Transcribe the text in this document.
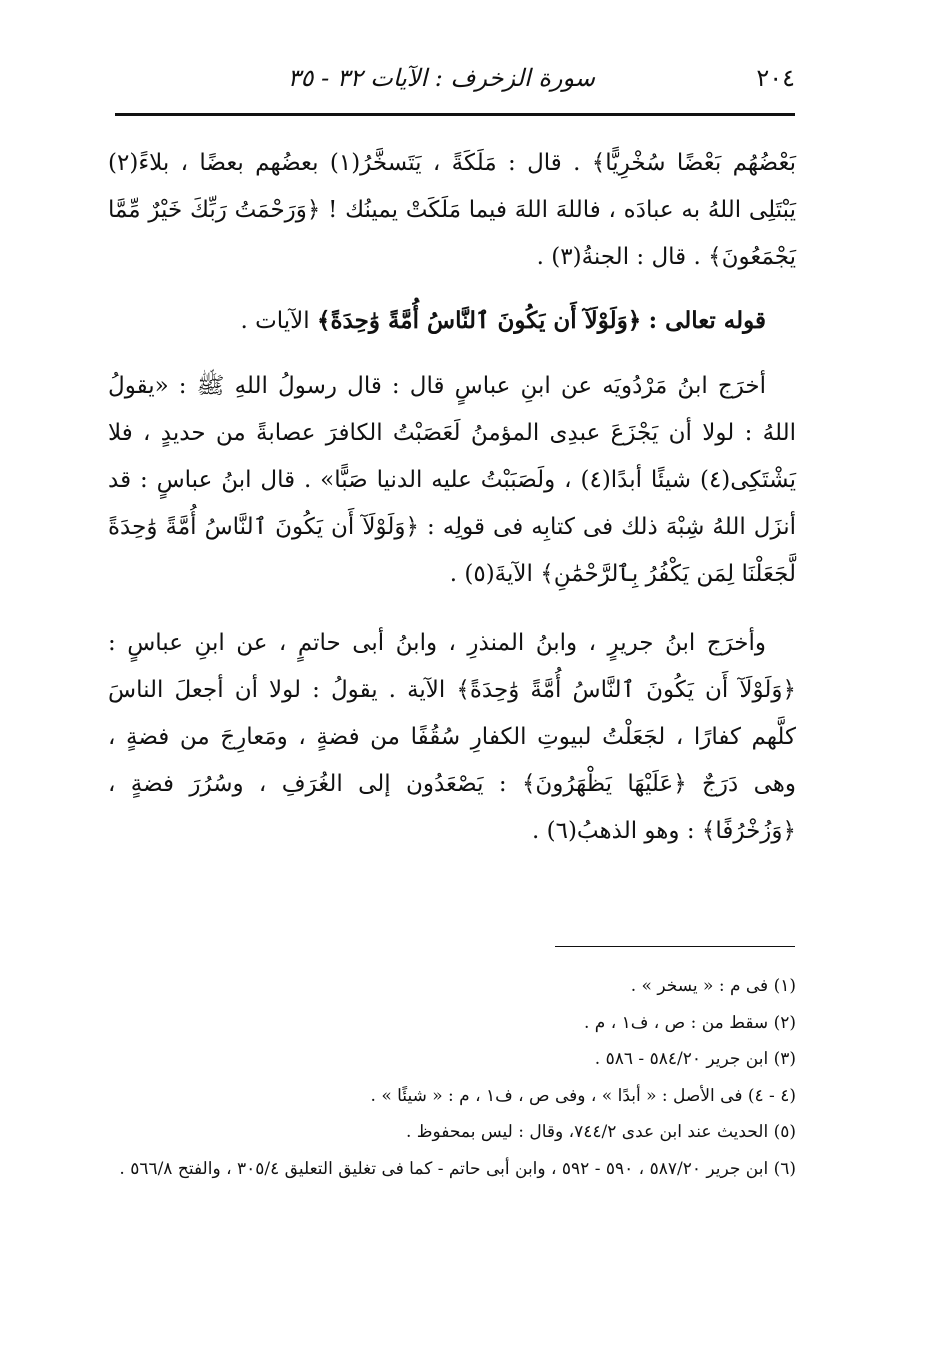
٢٠٤
سورة الزخرف : الآيات ٣٢ - ٣٥

بَعْضُهُم بَعْضًا سُخْرِيًّا﴾ . قال : مَلَكَةً ، يَتَسخَّرُ(١) بعضُهم بعضًا ، بلاءً(٢) يَبْتَلِى اللهُ به عبادَه ، فاللهَ اللهَ فيما مَلَكَتْ يمينُك ! ﴿وَرَحْمَتُ رَبِّكَ خَيْرٌ مِّمَّا يَجْمَعُونَ﴾ . قال : الجنةُ(٣) .

قوله تعالى : ﴿وَلَوْلَآ أَن يَكُونَ ٱلنَّاسُ أُمَّةً وَٰحِدَةً﴾ الآيات .

أخرَج ابنُ مَرْدُويَه عن ابنِ عباسٍ قال : قال رسولُ اللهِ ﷺ : «يقولُ اللهُ : لولا أن يَجْزَعَ عبدِى المؤمنُ لَعَصَبْتُ الكافرَ عصابةً من حديدٍ ، فلا يَشْتَكِى(٤) شيئًا أبدًا(٤) ، ولَصَبَبْتُ عليه الدنيا صَبًّا» . قال ابنُ عباسٍ : قد أنزَل اللهُ شِبْهَ ذلك فى كتابِه فى قولِه : ﴿وَلَوْلَآ أَن يَكُونَ ٱلنَّاسُ أُمَّةً وَٰحِدَةً لَّجَعَلْنَا لِمَن يَكْفُرُ بِٱلرَّحْمَٰنِ﴾ الآيةَ(٥) .

وأخرَج ابنُ جريرٍ ، وابنُ المنذرِ ، وابنُ أبى حاتمٍ ، عن ابنِ عباسٍ : ﴿وَلَوْلَآ أَن يَكُونَ ٱلنَّاسُ أُمَّةً وَٰحِدَةً﴾ الآية . يقولُ : لولا أن أجعلَ الناسَ كلَّهم كفارًا ، لجَعَلْتُ لبيوتِ الكفارِ سُقُفًا من فضةٍ ، ومَعارِجَ من فضةٍ ، وهى دَرَجٌ ﴿عَلَيْهَا يَظْهَرُونَ﴾ : يَصْعَدُون إلى الغُرَفِ ، وسُرُرَ فضةٍ ، ﴿وَزُخْرُفًا﴾ : وهو الذهبُ(٦) .

(١) فى م : « يسخر » .

(٢) سقط من : ص ، ف١ ، م .

(٣) ابن جرير ٥٨٤/٢٠ - ٥٨٦ .

(٤ - ٤) فى الأصل : « أبدًا » ، وفى ص ، ف١ ، م : « شيئًا » .

(٥) الحديث عند ابن عدى ٧٤٤/٢، وقال : ليس بمحفوظ .

(٦) ابن جرير ٥٨٧/٢٠ ، ٥٩٠ - ٥٩٢ ، وابن أبى حاتم - كما فى تغليق التعليق ٣٠٥/٤ ، والفتح ٥٦٦/٨ .
